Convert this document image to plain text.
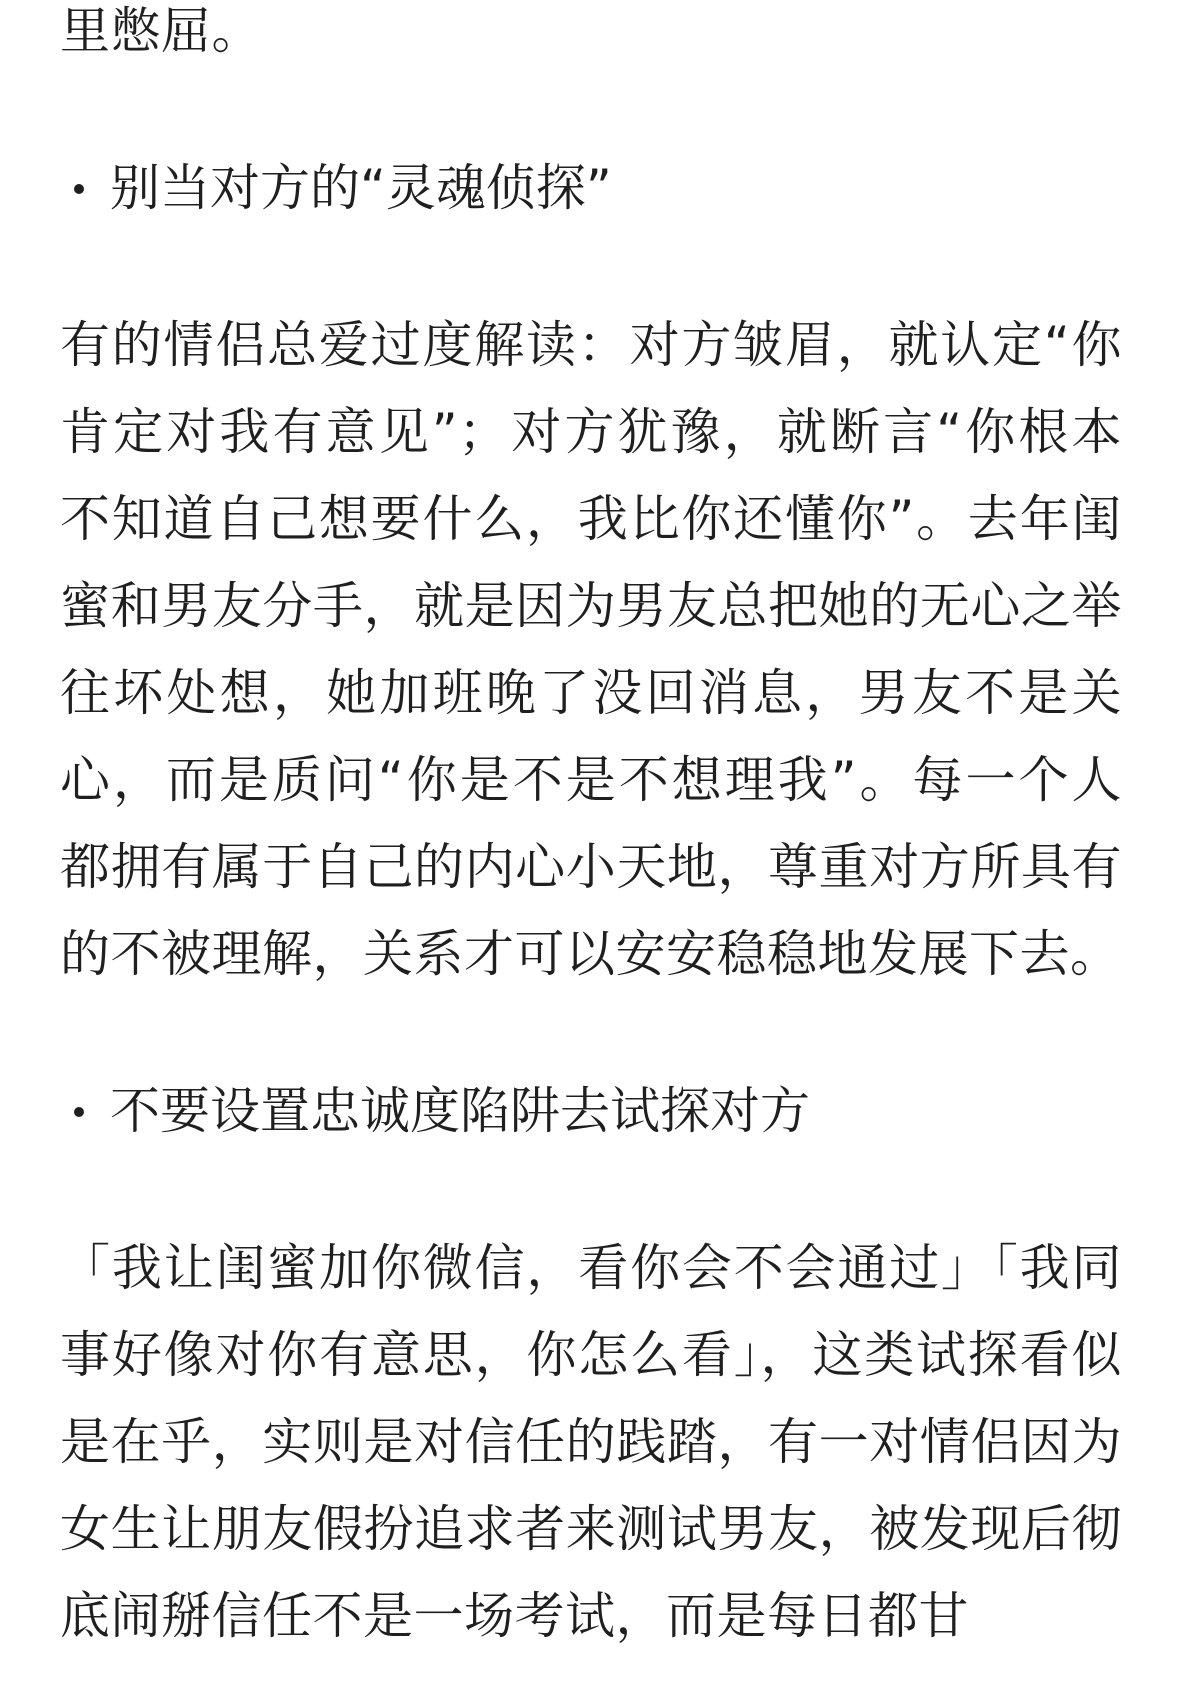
里憋屈。

别当对方的“灵魂侦探”

有的情侣总爱过度解读：对方皱眉，就认定“你肯定对我有意见”；对方犹豫，就断言“你根本不知道自己想要什么，我比你还懂你”。去年闺蜜和男友分手，就是因为男友总把她的无心之举往坏处想，她加班晚了没回消息，男友不是关心，而是质问“你是不是不想理我”。每一个人都拥有属于自己的内心小天地，尊重对方所具有的不被理解，关系才可以安安稳稳地发展下去。

不要设置忠诚度陷阱去试探对方

「我让闺蜜加你微信，看你会不会通过」「我同事好像对你有意思，你怎么看」，这类试探看似是在乎，实则是对信任的践踏，有一对情侣因为女生让朋友假扮追求者来测试男友，被发现后彻底闹掰信任不是一场考试，而是每日都甘
